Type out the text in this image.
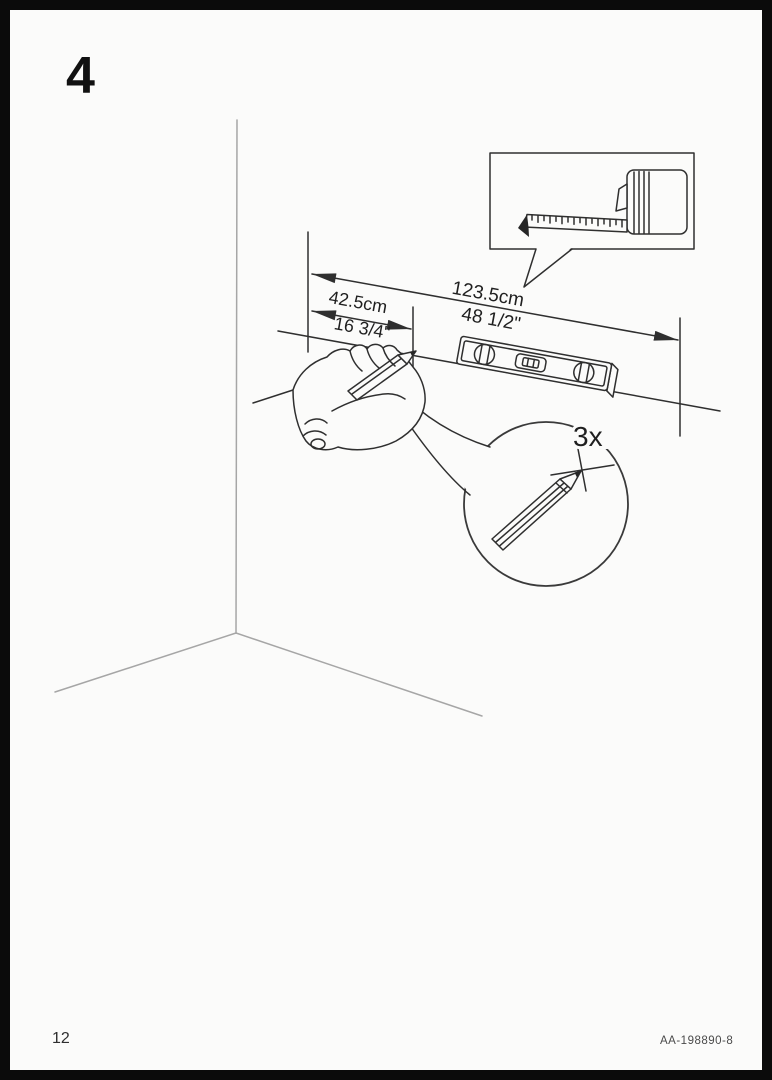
4
123.5cm
48 1/2"
42.5cm
16 3/4"
3x
12	AA-198890-8
